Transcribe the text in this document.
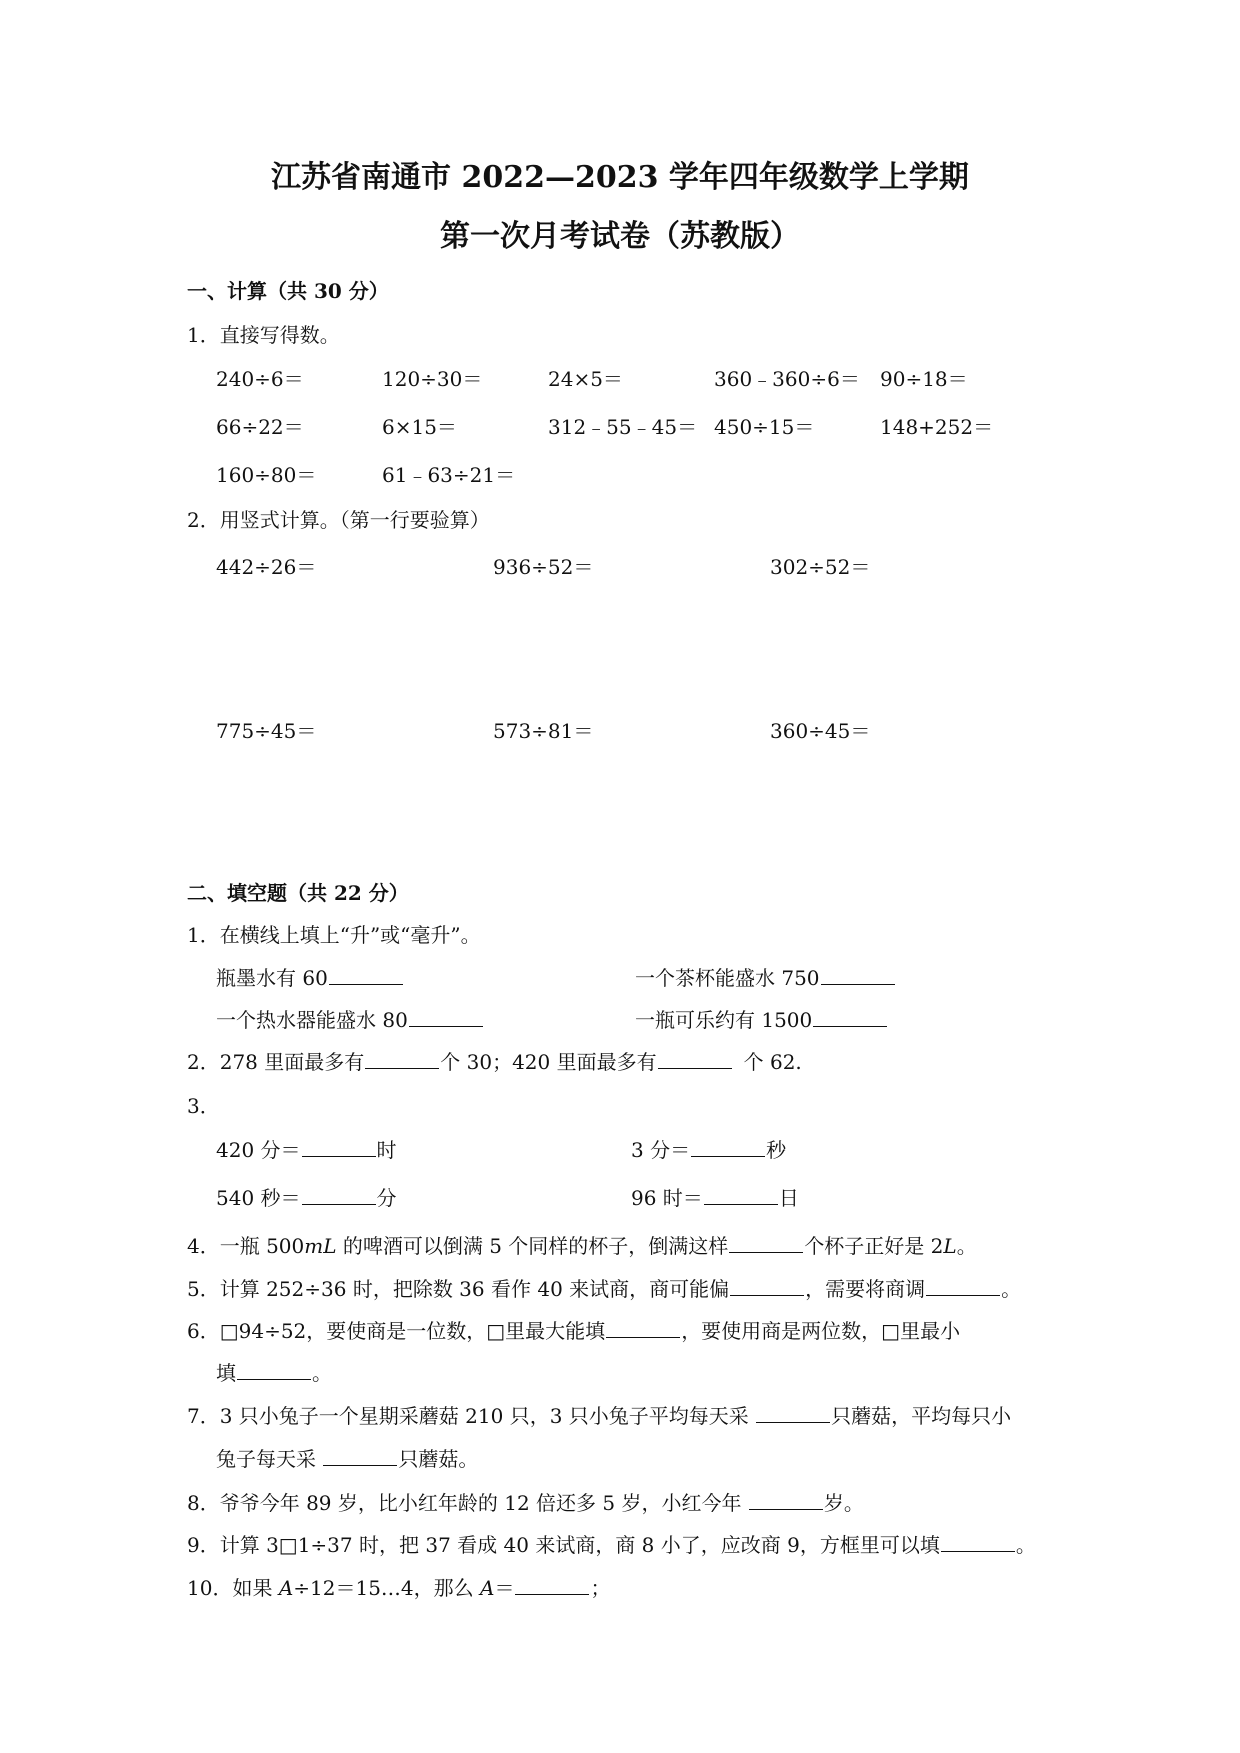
江苏省南通市 2022—2023 学年四年级数学上学期
第一次月考试卷（苏教版）
一、计算（共 30 分）
1．直接写得数。
240÷6＝	120÷30＝	24×5＝	360﹣360÷6＝ 90÷18＝
66÷22＝	6×15＝	312﹣55﹣45＝ 450÷15＝	148+252＝
160÷80＝	61﹣63÷21＝
2．用竖式计算。（第一行要验算）
442÷26＝	936÷52＝	302÷52＝
775÷45＝	573÷81＝	360÷45＝
二、填空题（共 22 分）
1．在横线上填上“升”或“毫升”。
瓶墨水有 60	一个茶杯能盛水 750
一个热水器能盛水 80	一瓶可乐约有 1500
2．278 里面最多有	个 30；420 里面最多有	个 62.
3．
420 分＝	时	3 分＝	秒
540 秒＝	分	96 时＝	日
4．一瓶 500mL 的啤酒可以倒满 5 个同样的杯子，倒满这样	个杯子正好是 2L。
5．计算 252÷36 时，把除数 36 看作 40 来试商，商可能偏	，需要将商调	。
6．□94÷52，要使商是一位数，□里最大能填	，要使用商是两位数，□里最小
填	。
7．3 只小兔子一个星期采蘑菇 210 只，3 只小兔子平均每天采	只蘑菇，平均每只小
兔子每天采	只蘑菇。
8．爷爷今年 89 岁，比小红年龄的 12 倍还多 5 岁，小红今年	岁。
9．计算 3□1÷37 时，把 37 看成 40 来试商，商 8 小了，应改商 9，方框里可以填	。
10．如果 A÷12＝15…4，那么 A＝	；
